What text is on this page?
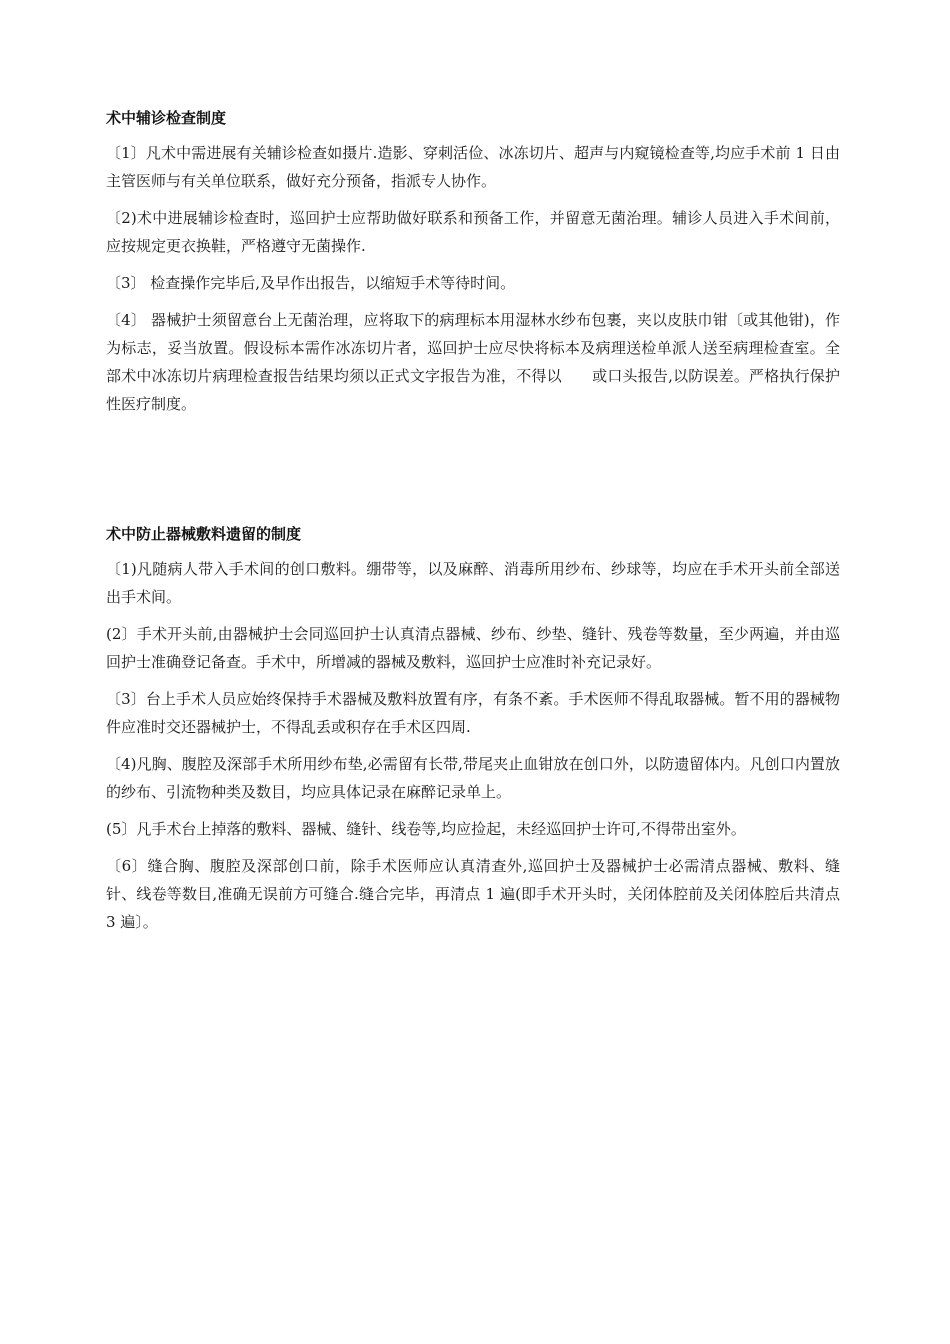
术中辅诊检查制度

〔1〕凡术中需进展有关辅诊检查如摄片.造影、穿刺活俭、冰冻切片、超声与内窥镜检查等,均应手术前 1 日由主管医师与有关单位联系，做好充分预备，指派专人协作。

〔2)术中进展辅诊检查时，巡回护士应帮助做好联系和预备工作，并留意无菌治理。辅诊人员进入手术间前，应按规定更衣换鞋，严格遵守无菌操作.

〔3〕 检查操作完毕后,及早作出报告，以缩短手术等待时间。

〔4〕 器械护士须留意台上无菌治理，应将取下的病理标本用湿林水纱布包裹，夹以皮肤巾钳〔或其他钳)，作为标志，妥当放置。假设标本需作冰冻切片者，巡回护士应尽快将标本及病理送检单派人送至病理检查室。全部术中冰冻切片病理检查报告结果均须以正式文字报告为准，不得以　　或口头报告,以防误差。严格执行保护性医疗制度。

术中防止器械敷料遗留的制度

〔1)凡随病人带入手术间的创口敷料。绷带等，以及麻醉、消毒所用纱布、纱球等，均应在手术开头前全部送出手术间。

(2〕手术开头前,由器械护士会同巡回护士认真清点器械、纱布、纱垫、缝针、残卷等数量，至少两遍，并由巡回护士准确登记备查。手术中，所增减的器械及敷料，巡回护士应准时补充记录好。

〔3〕台上手术人员应始终保持手术器械及敷料放置有序，有条不紊。手术医师不得乱取器械。暂不用的器械物件应准时交还器械护士，不得乱丢或积存在手术区四周.

〔4)凡胸、腹腔及深部手术所用纱布垫,必需留有长带,带尾夹止血钳放在创口外，以防遗留体内。凡创口内置放的纱布、引流物种类及数目，均应具体记录在麻醉记录单上。

(5〕凡手术台上掉落的敷料、器械、缝针、线卷等,均应捡起，未经巡回护士许可,不得带出室外。

〔6〕缝合胸、腹腔及深部创口前，除手术医师应认真清查外,巡回护士及器械护士必需清点器械、敷料、缝针、线卷等数目,准确无误前方可缝合.缝合完毕，再清点 1 遍(即手术开头时，关闭体腔前及关闭体腔后共清点 3 遍〕。
